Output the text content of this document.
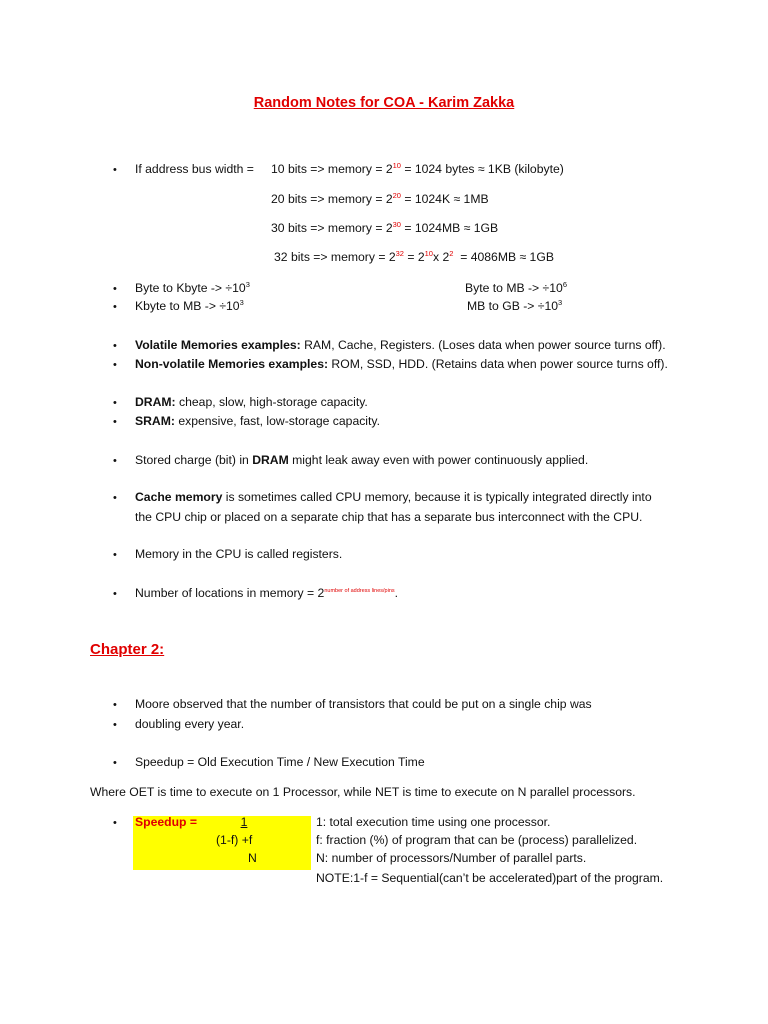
Random Notes for COA - Karim Zakka
• If address bus width = 10 bits => memory = $2^{10} = 1024$ bytes ≈ 1KB (kilobyte)
20 bits => memory = $2^{20} = 1024K \approx 1MB$
30 bits => memory = $2^{30} = 1024MB \approx 1GB$
32 bits => memory = $2^{32} = 2^{10}x$ $2^2 = 4086MB \approx 1GB$
• Byte to Kbyte -> $\div 10^3$	Byte to MB -> $\div 10^6$
• Kbyte to MB -> $\div 10^3$	MB to GB -> $\div 10^3$
• Volatile Memories examples: RAM, Cache, Registers. (Loses data when power source turns off).
• Non-volatile Memories examples: ROM, SSD, HDD. (Retains data when power source turns off).
• DRAM: cheap, slow, high-storage capacity.
• SRAM: expensive, fast, low-storage capacity.
• Stored charge (bit) in DRAM might leak away even with power continuously applied.
• Cache memory is sometimes called CPU memory, because it is typically integrated directly into
the CPU chip or placed on a separate chip that has a separate bus interconnect with the CPU.
• Memory in the CPU is called registers.
• Number of locations in memory = $2^{number of address lines/pins}$.
Chapter 2:
• Moore observed that the number of transistors that could be put on a single chip was
• doubling every year.
• Speedup = Old Execution Time / New Execution Time
Where OET is time to execute on 1 Processor, while NET is time to execute on N parallel processors.
• Speedup =	1
(1-f) +f
N
1: total execution time using one processor.
f: fraction (%) of program that can be (process) parallelized.
N: number of processors/Number of parallel parts.
NOTE:1-f = Sequential(can’t be accelerated)part of the program.
